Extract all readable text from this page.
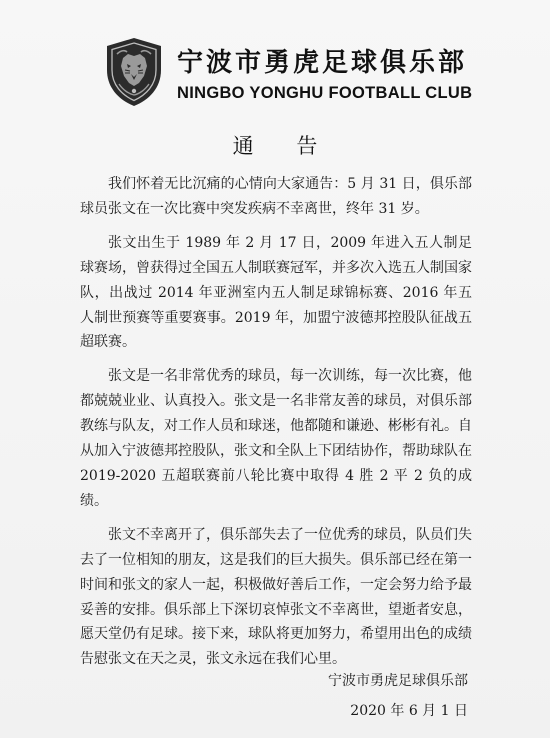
宁波市勇虎足球俱乐部
NINGBO YONGHU FOOTBALL CLUB
通 告

我们怀着无比沉痛的心情向大家通告：5 月 31 日，俱乐部球员张文在一次比赛中突发疾病不幸离世，终年 31 岁。

张文出生于 1989 年 2 月 17 日，2009 年进入五人制足球赛场，曾获得过全国五人制联赛冠军，并多次入选五人制国家队，出战过 2014 年亚洲室内五人制足球锦标赛、2016 年五人制世预赛等重要赛事。2019 年，加盟宁波德邦控股队征战五超联赛。

张文是一名非常优秀的球员，每一次训练，每一次比赛，他都兢兢业业、认真投入。张文是一名非常友善的球员，对俱乐部教练与队友，对工作人员和球迷，他都随和谦逊、彬彬有礼。自从加入宁波德邦控股队，张文和全队上下团结协作，帮助球队在 2019-2020 五超联赛前八轮比赛中取得 4 胜 2 平 2 负的成绩。

张文不幸离开了，俱乐部失去了一位优秀的球员，队员们失去了一位相知的朋友，这是我们的巨大损失。俱乐部已经在第一时间和张文的家人一起，积极做好善后工作，一定会努力给予最妥善的安排。俱乐部上下深切哀悼张文不幸离世，望逝者安息，愿天堂仍有足球。接下来，球队将更加努力，希望用出色的成绩告慰张文在天之灵，张文永远在我们心里。

宁波市勇虎足球俱乐部
2020 年 6 月 1 日
